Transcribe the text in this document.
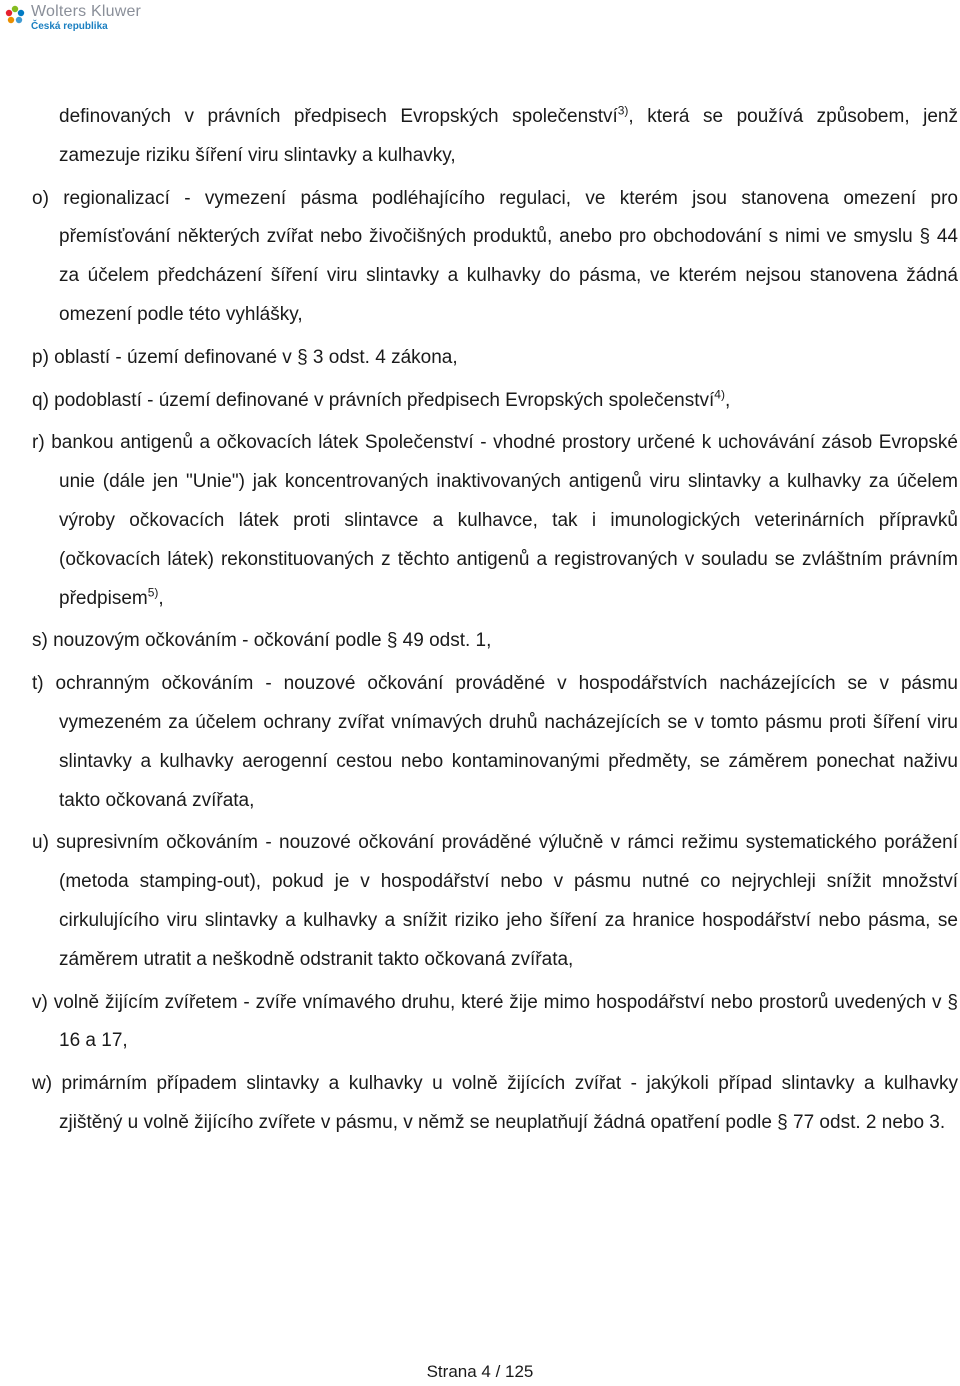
Wolters Kluwer
Česká republika
definovaných v právních předpisech Evropských společenství$^{3)}$, která se používá způsobem, jenž zamezuje riziku šíření viru slintavky a kulhavky,
o) regionalizací - vymezení pásma podléhajícího regulaci, ve kterém jsou stanovena omezení pro přemísťování některých zvířat nebo živočišných produktů, anebo pro obchodování s nimi ve smyslu § 44 za účelem předcházení šíření viru slintavky a kulhavky do pásma, ve kterém nejsou stanovena žádná omezení podle této vyhlášky,
p) oblastí - území definované v § 3 odst. 4 zákona,
q) podoblastí - území definované v právních předpisech Evropských společenství$^{4)}$,
r) bankou antigenů a očkovacích látek Společenství - vhodné prostory určené k uchovávání zásob Evropské unie (dále jen "Unie") jak koncentrovaných inaktivovaných antigenů viru slintavky a kulhavky za účelem výroby očkovacích látek proti slintavce a kulhavce, tak i imunologických veterinárních přípravků (očkovacích látek) rekonstituovaných z těchto antigenů a registrovaných v souladu se zvláštním právním předpisem$^{5)}$,
s) nouzovým očkováním - očkování podle § 49 odst. 1,
t) ochranným očkováním - nouzové očkování prováděné v hospodářstvích nacházejících se v pásmu vymezeném za účelem ochrany zvířat vnímavých druhů nacházejících se v tomto pásmu proti šíření viru slintavky a kulhavky aerogenní cestou nebo kontaminovanými předměty, se záměrem ponechat naživu takto očkovaná zvířata,
u) supresivním očkováním - nouzové očkování prováděné výlučně v rámci režimu systematického porážení (metoda stamping-out), pokud je v hospodářství nebo v pásmu nutné co nejrychleji snížit množství cirkulujícího viru slintavky a kulhavky a snížit riziko jeho šíření za hranice hospodářství nebo pásma, se záměrem utratit a neškodně odstranit takto očkovaná zvířata,
v) volně žijícím zvířetem - zvíře vnímavého druhu, které žije mimo hospodářství nebo prostorů uvedených v § 16 a 17,
w) primárním případem slintavky a kulhavky u volně žijících zvířat - jakýkoli případ slintavky a kulhavky zjištěný u volně žijícího zvířete v pásmu, v němž se neuplatňují žádná opatření podle § 77 odst. 2 nebo 3.
Strana 4 / 125
